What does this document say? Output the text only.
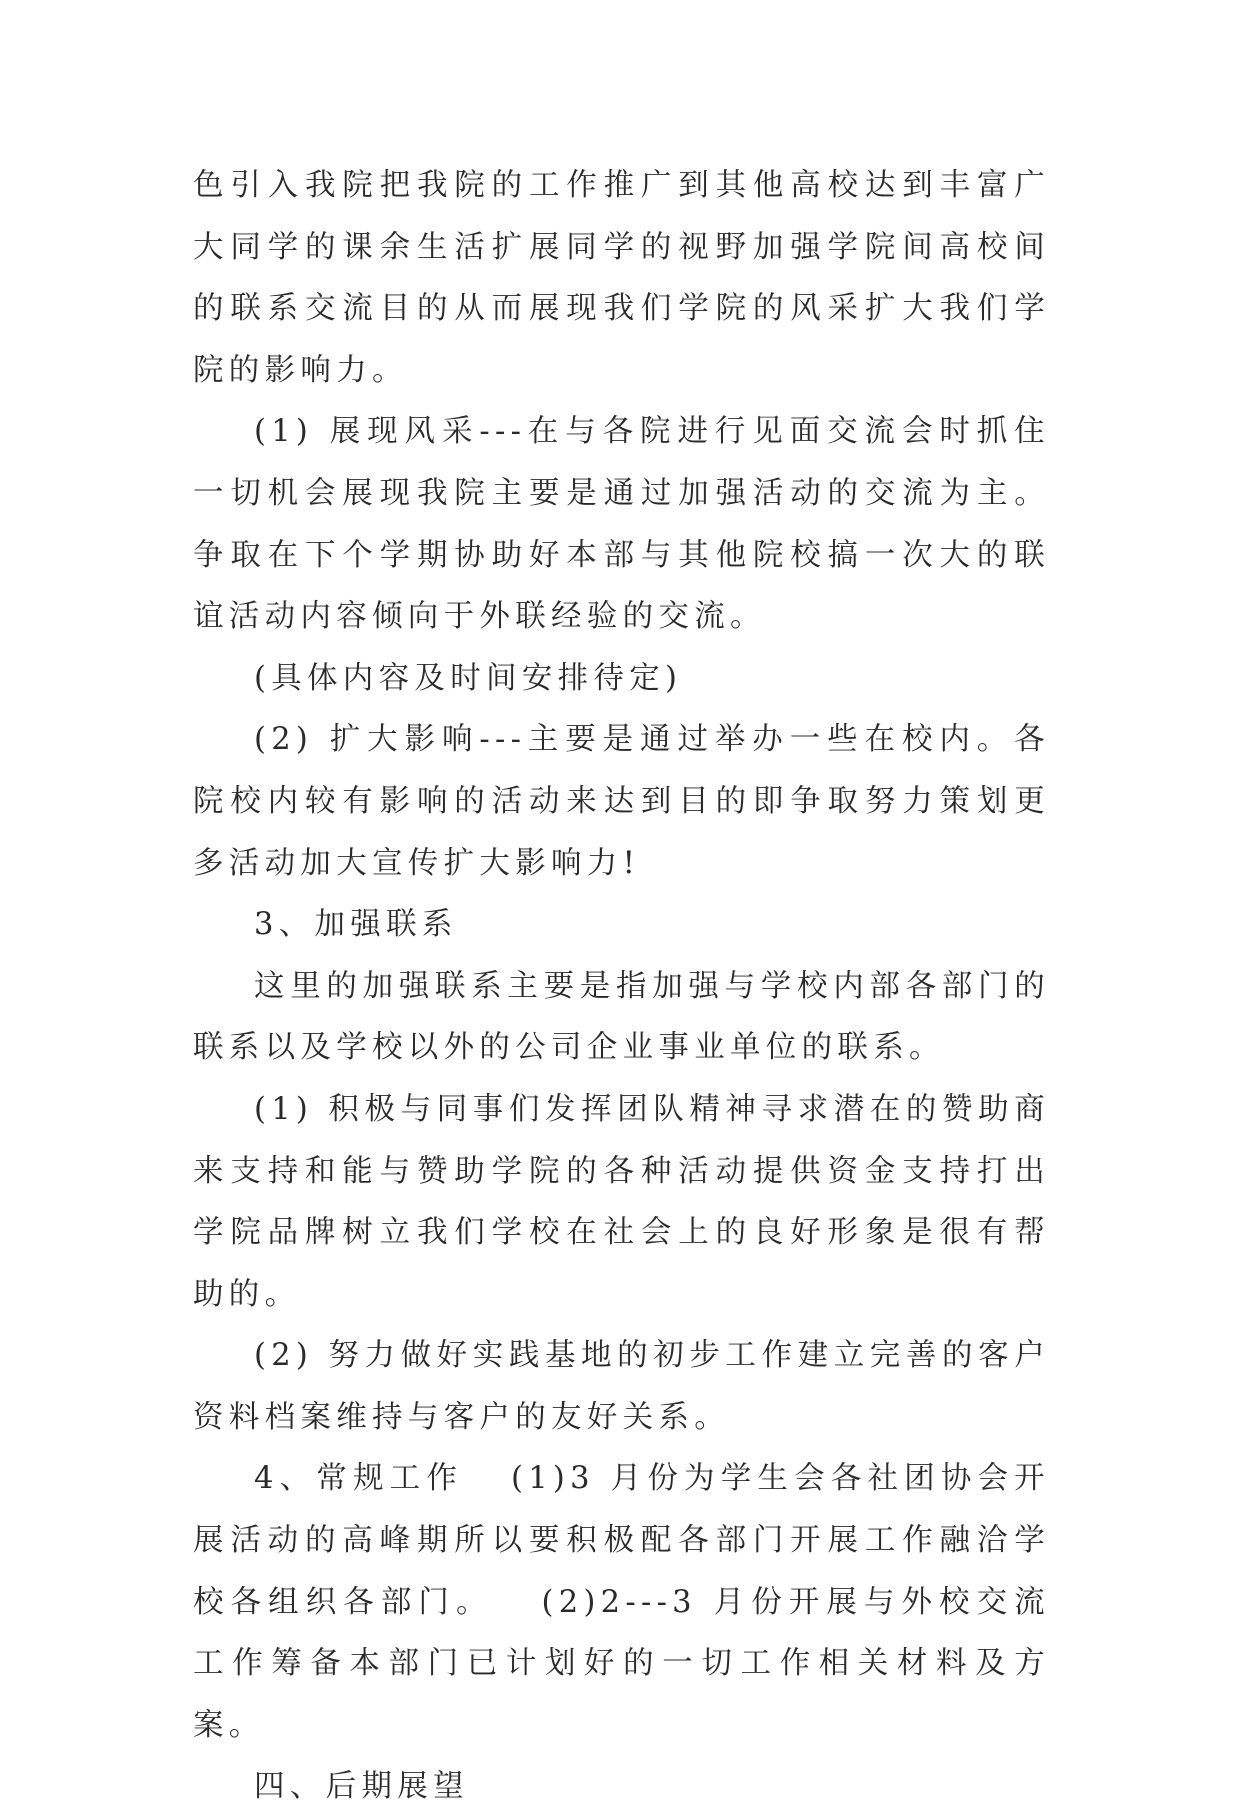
色引入我院把我院的工作推广到其他高校达到丰富广大同学的课余生活扩展同学的视野加强学院间高校间的联系交流目的从而展现我们学院的风采扩大我们学院的影响力。

(1) 展现风采---在与各院进行见面交流会时抓住一切机会展现我院主要是通过加强活动的交流为主。争取在下个学期协助好本部与其他院校搞一次大的联谊活动内容倾向于外联经验的交流。

(具体内容及时间安排待定)

(2) 扩大影响---主要是通过举办一些在校内。各院校内较有影响的活动来达到目的即争取努力策划更多活动加大宣传扩大影响力!

3、加强联系

这里的加强联系主要是指加强与学校内部各部门的联系以及学校以外的公司企业事业单位的联系。

(1) 积极与同事们发挥团队精神寻求潜在的赞助商来支持和能与赞助学院的各种活动提供资金支持打出学院品牌树立我们学校在社会上的良好形象是很有帮助的。

(2) 努力做好实践基地的初步工作建立完善的客户资料档案维持与客户的友好关系。

4、常规工作 (1)3 月份为学生会各社团协会开展活动的高峰期所以要积极配各部门开展工作融洽学校各组织各部门。 (2)2---3 月份开展与外校交流工作筹备本部门已计划好的一切工作相关材料及方案。

四、后期展望
